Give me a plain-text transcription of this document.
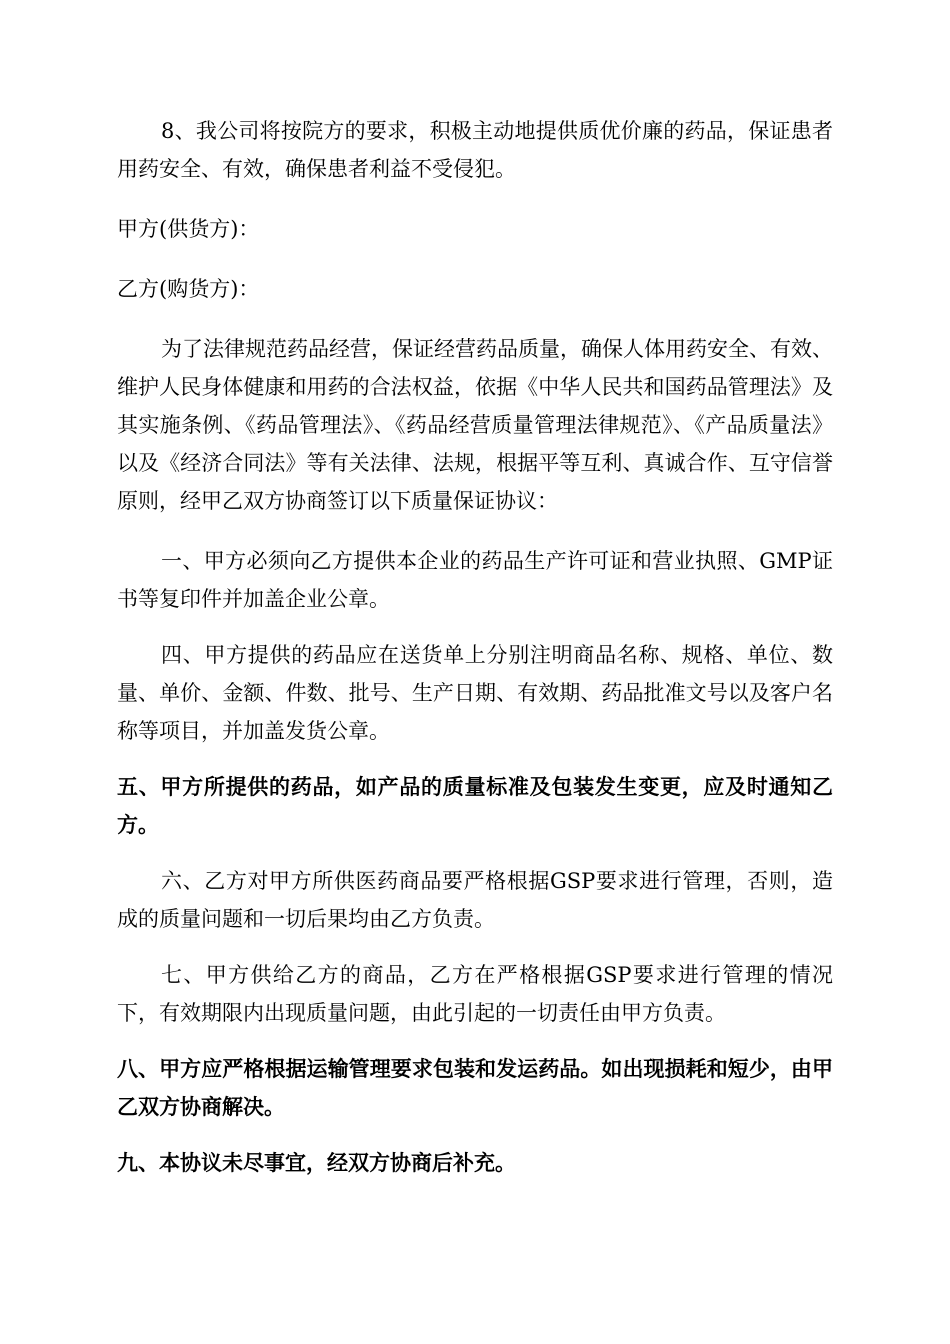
8、我公司将按院方的要求，积极主动地提供质优价廉的药品，保证患者用药安全、有效，确保患者利益不受侵犯。

甲方(供货方)：

乙方(购货方)：

为了法律规范药品经营，保证经营药品质量，确保人体用药安全、有效、维护人民身体健康和用药的合法权益，依据《中华人民共和国药品管理法》及其实施条例、《药品管理法》、《药品经营质量管理法律规范》、《产品质量法》以及《经济合同法》等有关法律、法规，根据平等互利、真诚合作、互守信誉原则，经甲乙双方协商签订以下质量保证协议：

一、甲方必须向乙方提供本企业的药品生产许可证和营业执照、GMP证书等复印件并加盖企业公章。

四、甲方提供的药品应在送货单上分别注明商品名称、规格、单位、数量、单价、金额、件数、批号、生产日期、有效期、药品批准文号以及客户名称等项目，并加盖发货公章。

五、甲方所提供的药品，如产品的质量标准及包装发生变更，应及时通知乙方。

六、乙方对甲方所供医药商品要严格根据GSP要求进行管理，否则，造成的质量问题和一切后果均由乙方负责。

七、甲方供给乙方的商品，乙方在严格根据GSP要求进行管理的情况下，有效期限内出现质量问题，由此引起的一切责任由甲方负责。

八、甲方应严格根据运输管理要求包装和发运药品。如出现损耗和短少，由甲乙双方协商解决。

九、本协议未尽事宜，经双方协商后补充。
